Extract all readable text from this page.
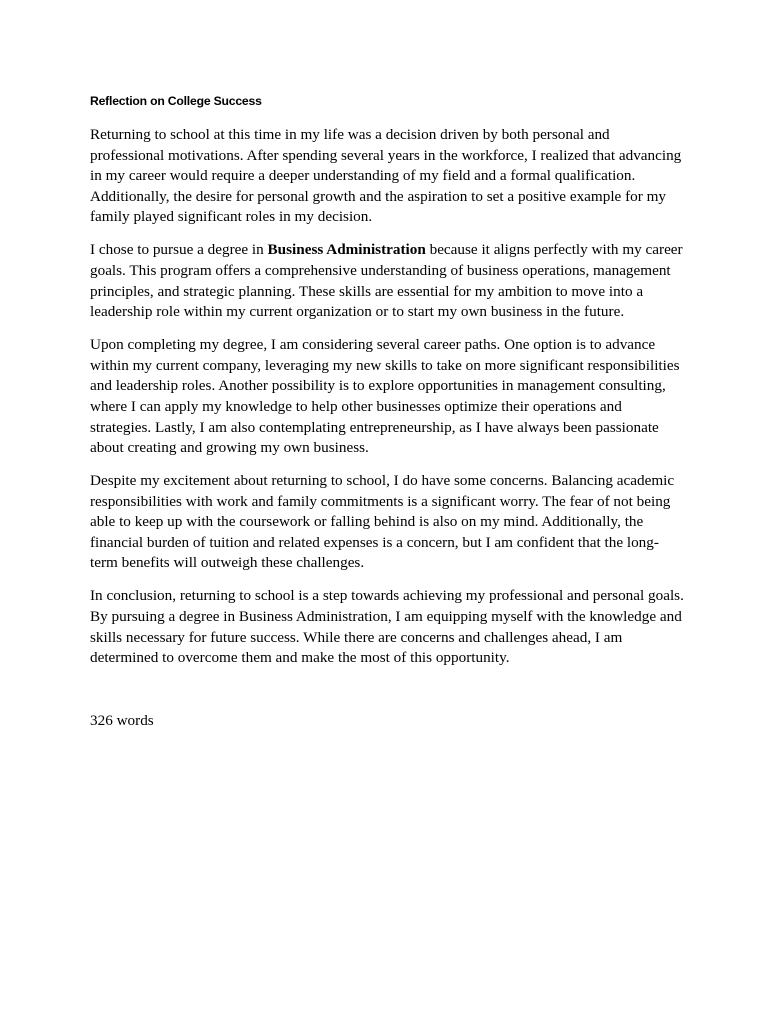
Reflection on College Success

Returning to school at this time in my life was a decision driven by both personal and professional motivations. After spending several years in the workforce, I realized that advancing in my career would require a deeper understanding of my field and a formal qualification. Additionally, the desire for personal growth and the aspiration to set a positive example for my family played significant roles in my decision.

I chose to pursue a degree in Business Administration because it aligns perfectly with my career goals. This program offers a comprehensive understanding of business operations, management principles, and strategic planning. These skills are essential for my ambition to move into a leadership role within my current organization or to start my own business in the future.

Upon completing my degree, I am considering several career paths. One option is to advance within my current company, leveraging my new skills to take on more significant responsibilities and leadership roles. Another possibility is to explore opportunities in management consulting, where I can apply my knowledge to help other businesses optimize their operations and strategies. Lastly, I am also contemplating entrepreneurship, as I have always been passionate about creating and growing my own business.

Despite my excitement about returning to school, I do have some concerns. Balancing academic responsibilities with work and family commitments is a significant worry. The fear of not being able to keep up with the coursework or falling behind is also on my mind. Additionally, the financial burden of tuition and related expenses is a concern, but I am confident that the long-term benefits will outweigh these challenges.

In conclusion, returning to school is a step towards achieving my professional and personal goals. By pursuing a degree in Business Administration, I am equipping myself with the knowledge and skills necessary for future success. While there are concerns and challenges ahead, I am determined to overcome them and make the most of this opportunity.

326 words
